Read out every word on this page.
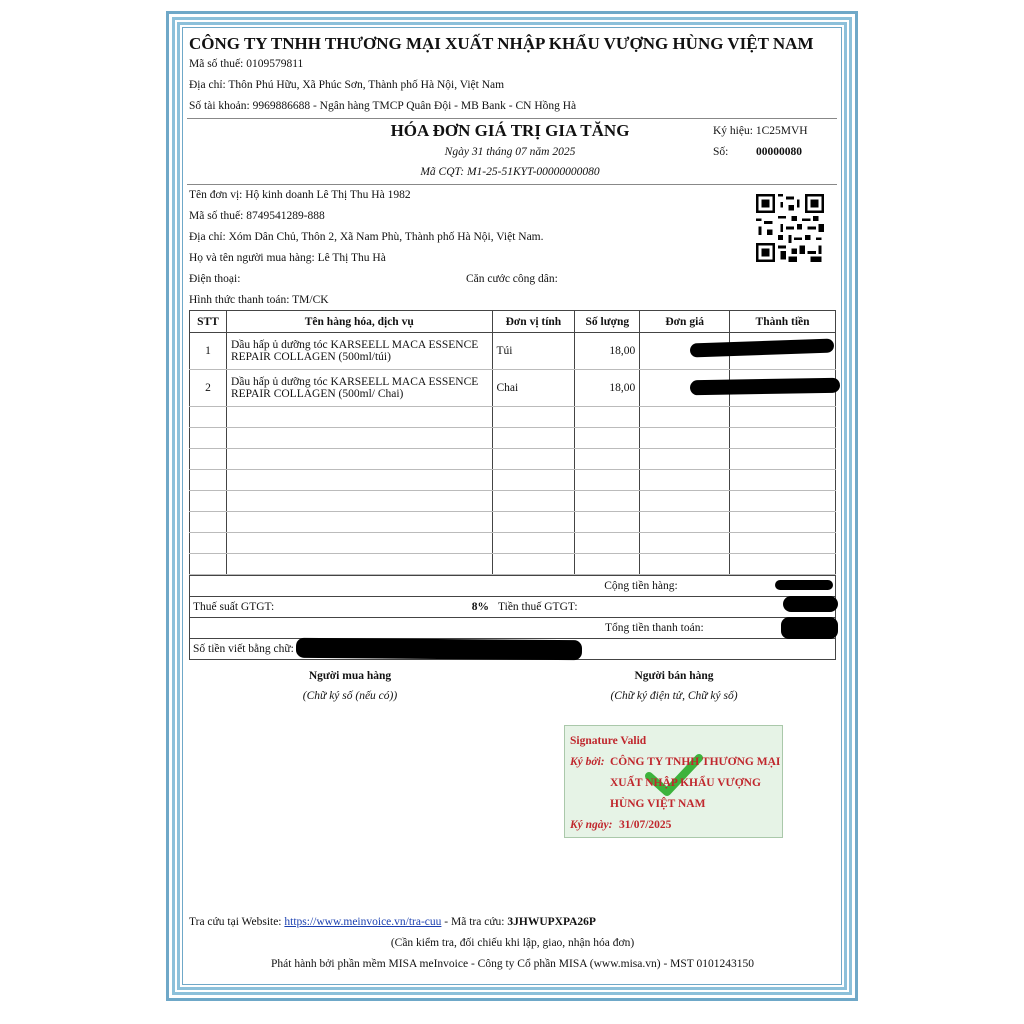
CÔNG TY TNHH THƯƠNG MẠI XUẤT NHẬP KHẨU VƯỢNG HÙNG VIỆT NAM
Mã số thuế: 0109579811
Địa chỉ: Thôn Phú Hữu, Xã Phúc Sơn, Thành phố Hà Nội, Việt Nam
Số tài khoản: 9969886688 - Ngân hàng TMCP Quân Đội - MB Bank - CN Hồng Hà
HÓA ĐƠN GIÁ TRỊ GIA TĂNG
Ngày 31 tháng 07 năm 2025
Mã CQT: M1-25-51KYT-00000000080
Ký hiệu: 1C25MVH
Số: 00000080
Tên đơn vị: Hộ kinh doanh Lê Thị Thu Hà 1982
Mã số thuế: 8749541289-888
Địa chỉ: Xóm Dân Chủ, Thôn 2, Xã Nam Phù, Thành phố Hà Nội, Việt Nam.
Họ và tên người mua hàng: Lê Thị Thu Hà
Điện thoại:	Căn cước công dân:
Hình thức thanh toán: TM/CK
STT	Tên hàng hóa, dịch vụ	Đơn vị tính	Số lượng	Đơn giá	Thành tiền
1	Dầu hấp ủ dưỡng tóc KARSEELL MACA ESSENCE
REPAIR COLLAGEN (500ml/túi)	Túi	18,00		
2	Dầu hấp ủ dưỡng tóc KARSEELL MACA ESSENCE
REPAIR COLLAGEN (500ml/ Chai)	Chai	18,00		

Cộng tiền hàng:		
Thuế suất GTGT: 8%	Tiền thuế GTGT:	
Tổng tiền thanh toán:		
Số tiền viết bằng chữ:		
Người mua hàng
(Chữ ký số (nếu có))
Người bán hàng
(Chữ ký điện tử, Chữ ký số)
Signature Valid
Ký bởi: CÔNG TY TNHH THƯƠNG MẠI
XUẤT NHẬP KHẨU VƯỢNG
HÙNG VIỆT NAM
Ký ngày: 31/07/2025
Tra cứu tại Website: https://www.meinvoice.vn/tra-cuu - Mã tra cứu: 3JHWUPXPA26P
(Cần kiểm tra, đối chiếu khi lập, giao, nhận hóa đơn)
Phát hành bởi phần mềm MISA meInvoice - Công ty Cổ phần MISA (www.misa.vn) - MST 0101243150
